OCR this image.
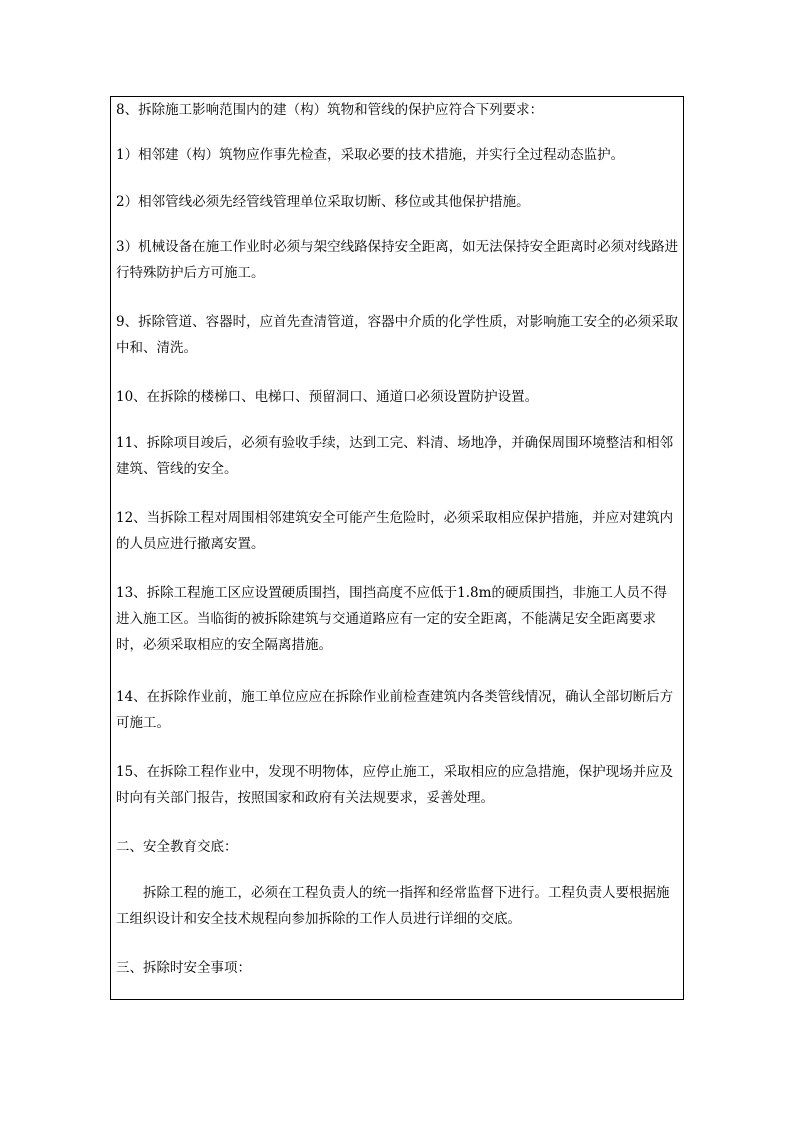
8、拆除施工影响范围内的建（构）筑物和管线的保护应符合下列要求：

1）相邻建（构）筑物应作事先检查，采取必要的技术措施，并实行全过程动态监护。

2）相邻管线必须先经管线管理单位采取切断、移位或其他保护措施。

3）机械设备在施工作业时必须与架空线路保持安全距离，如无法保持安全距离时必须对线路进行特殊防护后方可施工。

9、拆除管道、容器时，应首先查清管道，容器中介质的化学性质，对影响施工安全的必须采取中和、清洗。

10、在拆除的楼梯口、电梯口、预留洞口、通道口必须设置防护设置。

11、拆除项目竣后，必须有验收手续，达到工完、料清、场地净，并确保周围环境整洁和相邻建筑、管线的安全。

12、当拆除工程对周围相邻建筑安全可能产生危险时，必须采取相应保护措施，并应对建筑内的人员应进行撤离安置。

13、拆除工程施工区应设置硬质围挡，围挡高度不应低于1.8m的硬质围挡，非施工人员不得进入施工区。当临街的被拆除建筑与交通道路应有一定的安全距离，不能满足安全距离要求时，必须采取相应的安全隔离措施。

14、在拆除作业前，施工单位应应在拆除作业前检查建筑内各类管线情况，确认全部切断后方可施工。

15、在拆除工程作业中，发现不明物体，应停止施工，采取相应的应急措施，保护现场并应及时向有关部门报告，按照国家和政府有关法规要求，妥善处理。

二、安全教育交底：

拆除工程的施工，必须在工程负责人的统一指挥和经常监督下进行。工程负责人要根据施工组织设计和安全技术规程向参加拆除的工作人员进行详细的交底。

三、拆除时安全事项：
